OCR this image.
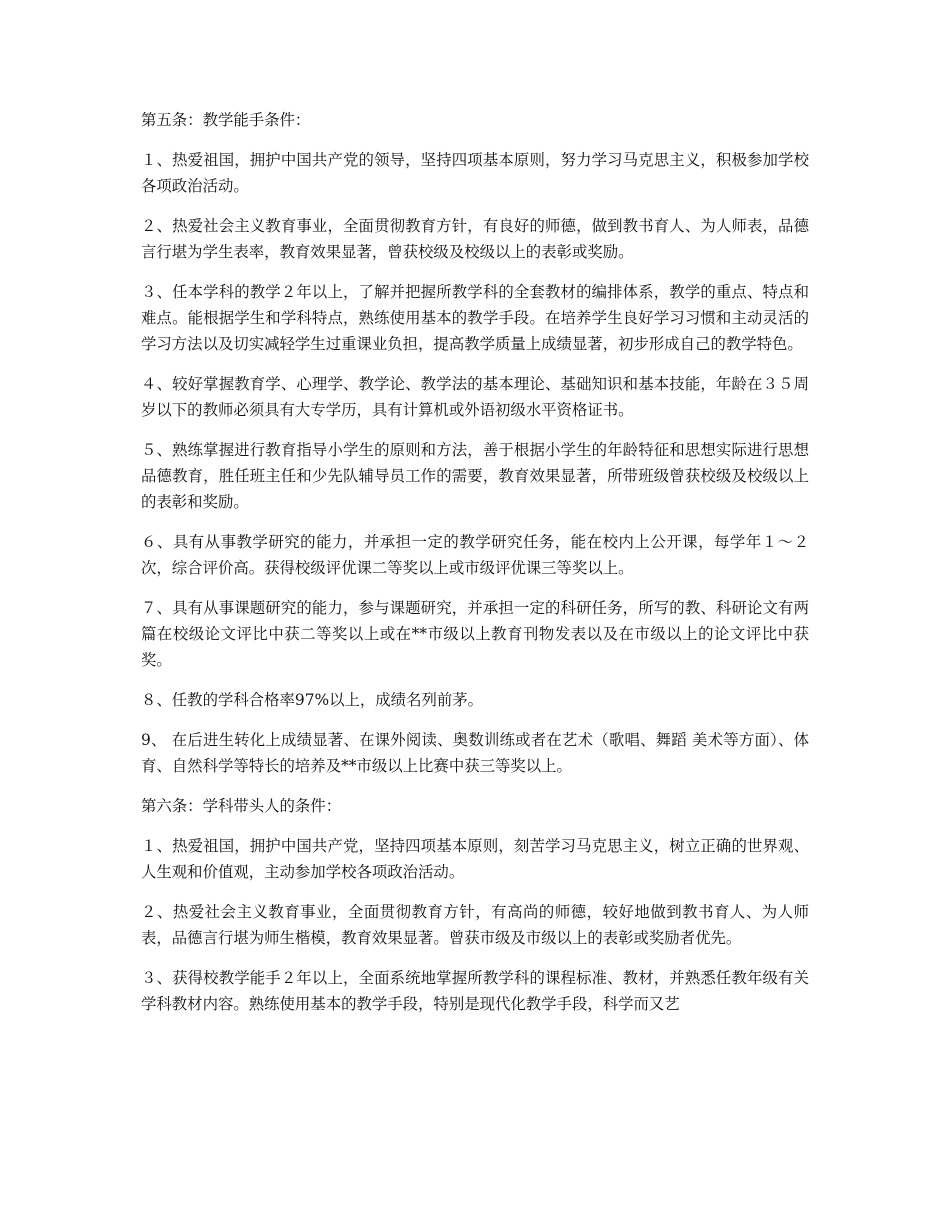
第五条：教学能手条件：

１、热爱祖国，拥护中国共产党的领导，坚持四项基本原则，努力学习马克思主义，积极参加学校各项政治活动。

２、热爱社会主义教育事业，全面贯彻教育方针，有良好的师德，做到教书育人、为人师表，品德言行堪为学生表率，教育效果显著，曾获校级及校级以上的表彰或奖励。

３、任本学科的教学２年以上，了解并把握所教学科的全套教材的编排体系，教学的重点、特点和难点。能根据学生和学科特点，熟练使用基本的教学手段。在培养学生良好学习习惯和主动灵活的学习方法以及切实减轻学生过重课业负担，提高教学质量上成绩显著，初步形成自己的教学特色。

４、较好掌握教育学、心理学、教学论、教学法的基本理论、基础知识和基本技能，年龄在３５周岁以下的教师必须具有大专学历，具有计算机或外语初级水平资格证书。

５、熟练掌握进行教育指导小学生的原则和方法，善于根据小学生的年龄特征和思想实际进行思想品德教育，胜任班主任和少先队辅导员工作的需要，教育效果显著，所带班级曾获校级及校级以上的表彰和奖励。

６、具有从事教学研究的能力，并承担一定的教学研究任务，能在校内上公开课，每学年１～２次，综合评价高。获得校级评优课二等奖以上或市级评优课三等奖以上。

７、具有从事课题研究的能力，参与课题研究，并承担一定的科研任务，所写的教、科研论文有两篇在校级论文评比中获二等奖以上或在**市级以上教育刊物发表以及在市级以上的论文评比中获奖。

８、任教的学科合格率97%以上，成绩名列前茅。

9、 在后进生转化上成绩显著、在课外阅读、奥数训练或者在艺术（歌唱、舞蹈 美术等方面）、体育、自然科学等特长的培养及**市级以上比赛中获三等奖以上。

第六条：学科带头人的条件：

１、热爱祖国，拥护中国共产党，坚持四项基本原则，刻苦学习马克思主义，树立正确的世界观、人生观和价值观，主动参加学校各项政治活动。

２、热爱社会主义教育事业，全面贯彻教育方针，有高尚的师德，较好地做到教书育人、为人师表，品德言行堪为师生楷模，教育效果显著。曾获市级及市级以上的表彰或奖励者优先。

３、获得校教学能手２年以上，全面系统地掌握所教学科的课程标准、教材，并熟悉任教年级有关学科教材内容。熟练使用基本的教学手段，特别是现代化教学手段，科学而又艺
